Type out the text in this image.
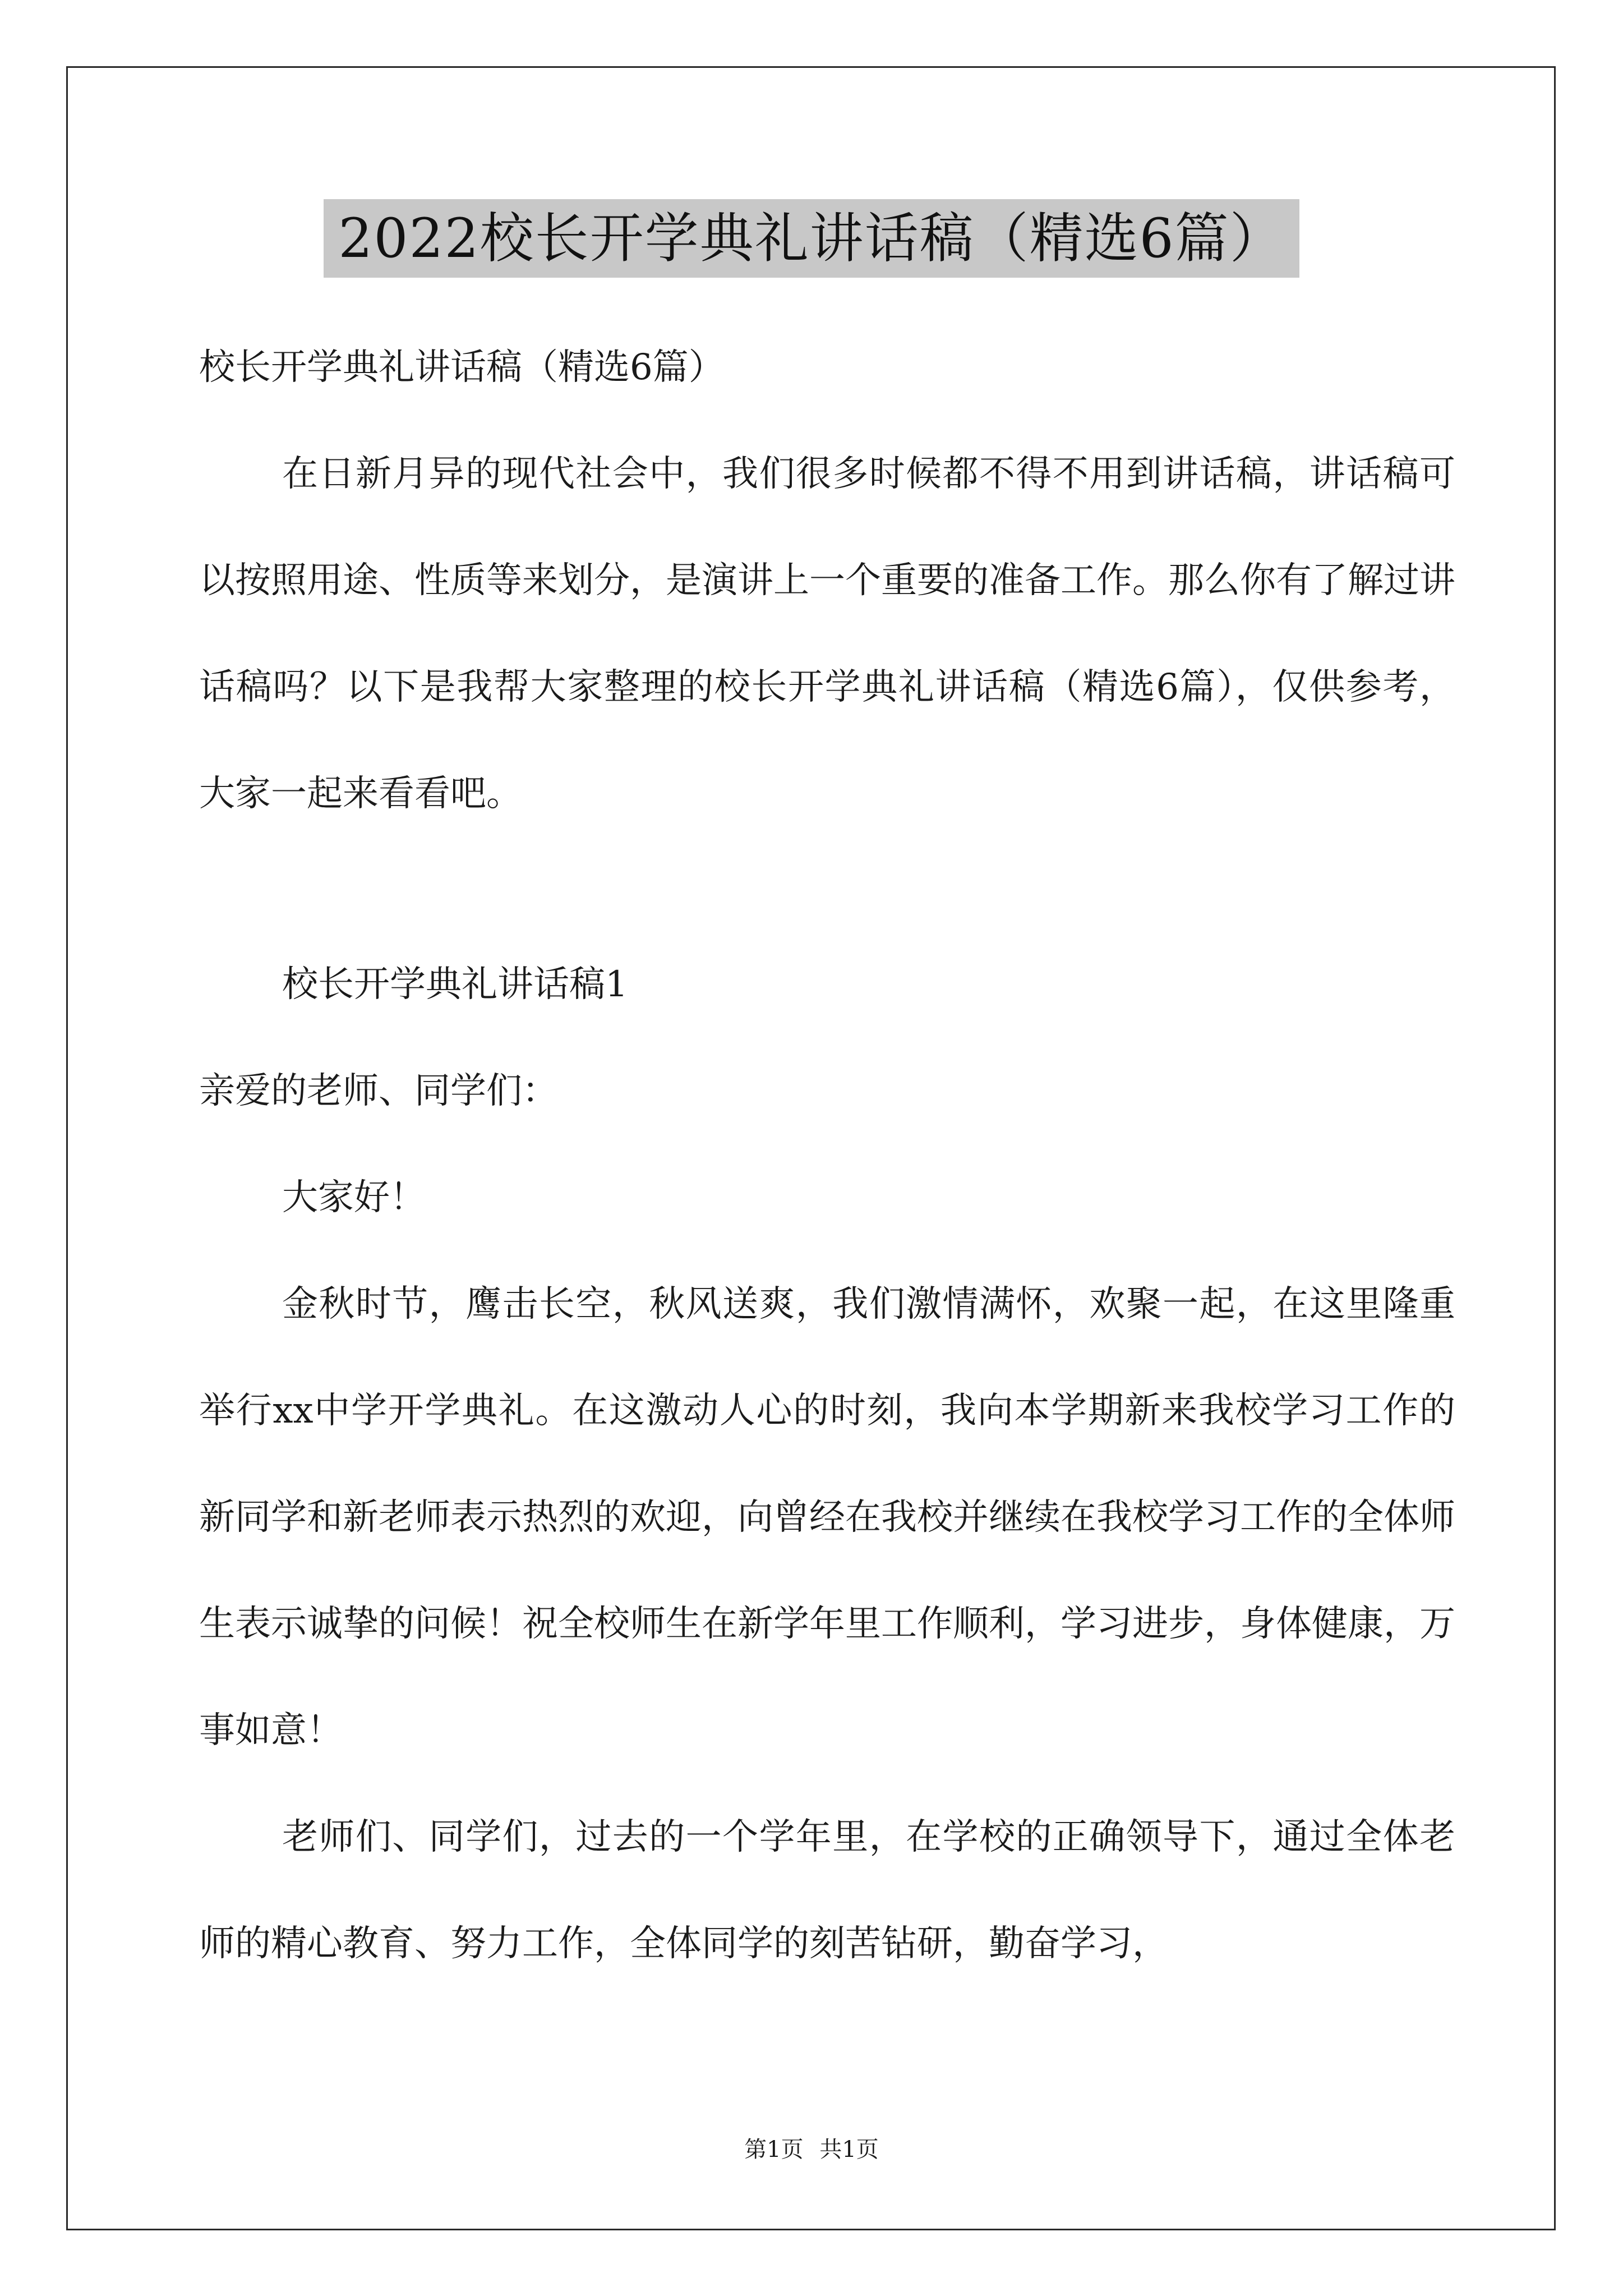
2022校长开学典礼讲话稿（精选6篇）

校长开学典礼讲话稿（精选6篇）

在日新月异的现代社会中，我们很多时候都不得不用到讲话稿，讲话稿可以按照用途、性质等来划分，是演讲上一个重要的准备工作。那么你有了解过讲话稿吗？以下是我帮大家整理的校长开学典礼讲话稿（精选6篇），仅供参考，大家一起来看看吧。

校长开学典礼讲话稿1

亲爱的老师、同学们：

大家好！

金秋时节，鹰击长空，秋风送爽，我们激情满怀，欢聚一起，在这里隆重举行xx中学开学典礼。在这激动人心的时刻，我向本学期新来我校学习工作的新同学和新老师表示热烈的欢迎，向曾经在我校并继续在我校学习工作的全体师生表示诚挚的问候！祝全校师生在新学年里工作顺利，学习进步，身体健康，万事如意！

老师们、同学们，过去的一个学年里，在学校的正确领导下，通过全体老师的精心教育、努力工作，全体同学的刻苦钻研，勤奋学习，

第1页 共1页
